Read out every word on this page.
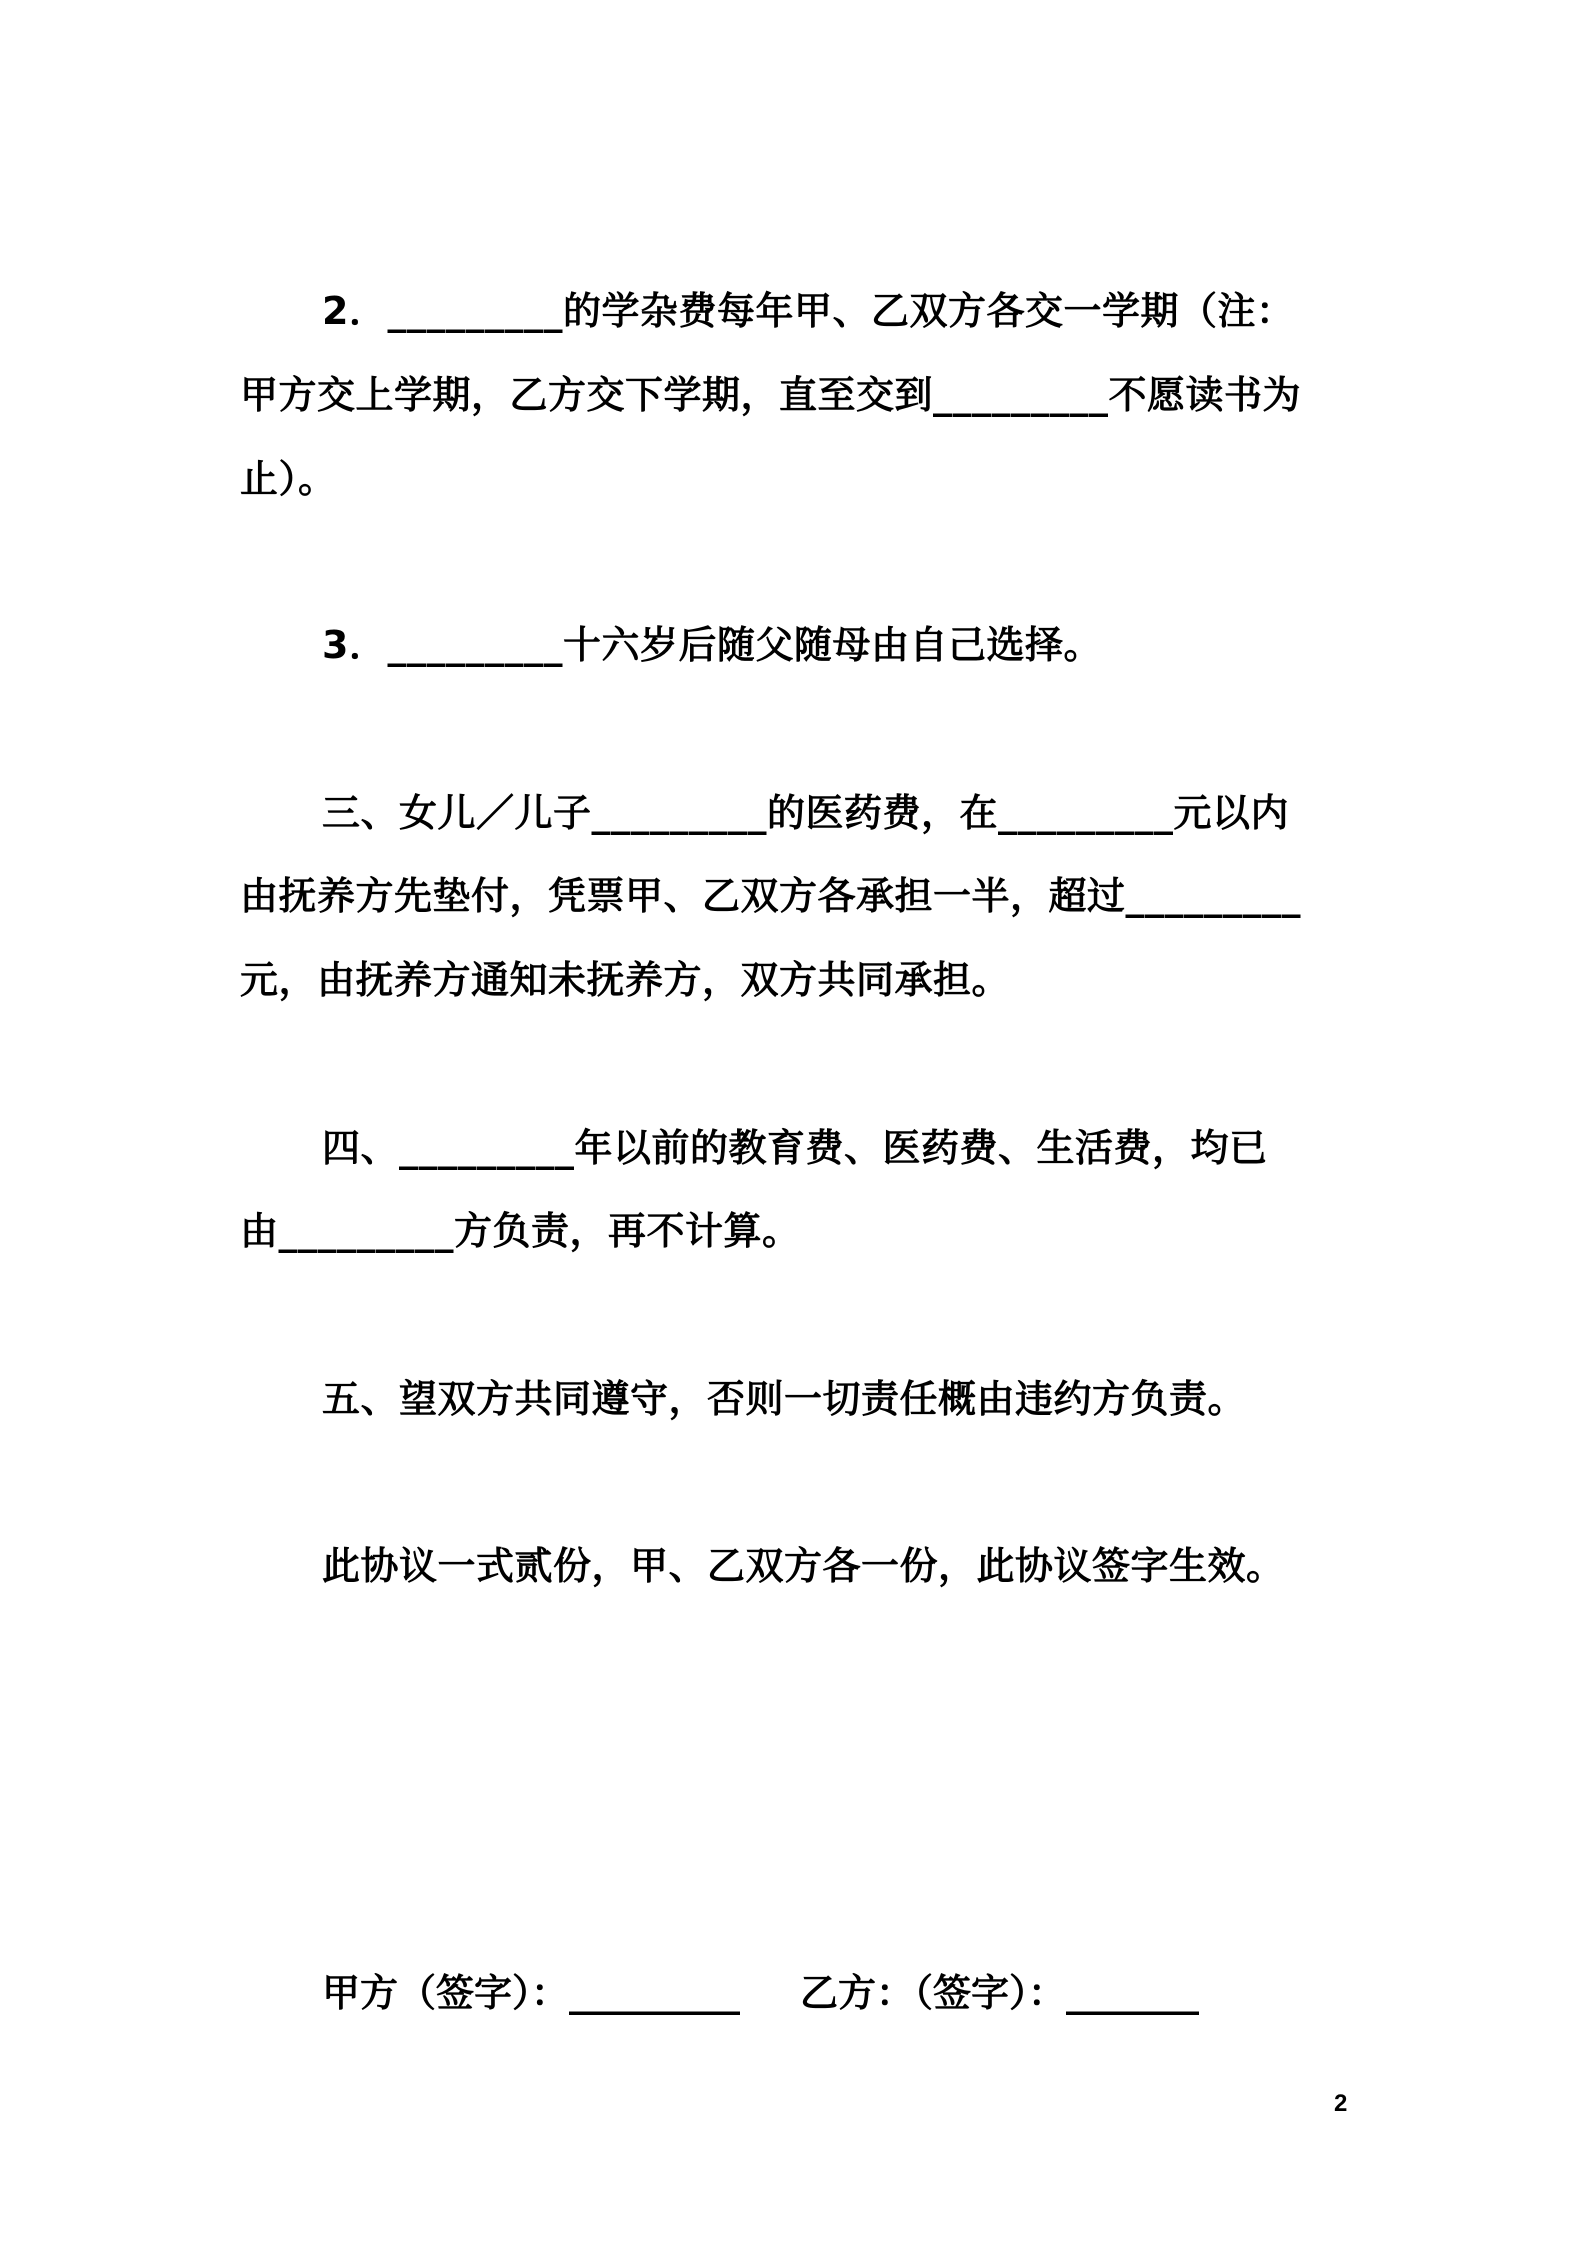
2．_________的学杂费每年甲、乙双方各交一学期（注：
甲方交上学期，乙方交下学期，直至交到_________不愿读书为
止）。
3．_________十六岁后随父随母由自己选择。
三、女儿／儿子_________的医药费，在_________元以内
由抚养方先垫付，凭票甲、乙双方各承担一半，超过_________
元，由抚养方通知未抚养方，双方共同承担。
四、_________年以前的教育费、医药费、生活费，均已
由_________方负责，再不计算。
五、望双方共同遵守，否则一切责任概由违约方负责。
此协议一式贰份，甲、乙双方各一份，此协议签字生效。
甲方（签字）：_________ 乙方：（签字）：_______
2
